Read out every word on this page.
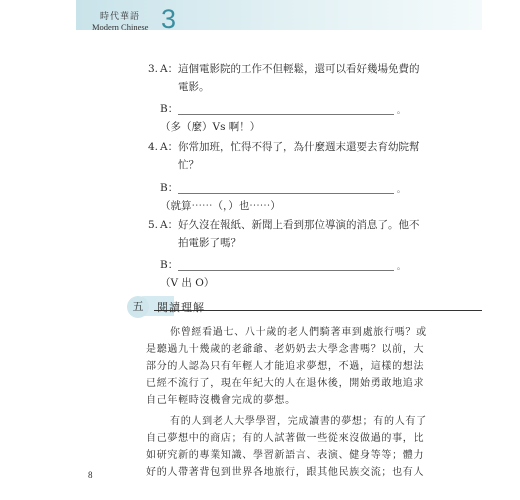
時代華語
Modern Chinese 3
3. A： 這個電影院的工作不但輕鬆，還可以看好幾場免費的
電影。
B：	。
（多（麼）Vs 啊！）
4. A： 你常加班，忙得不得了，為什麼週末還要去育幼院幫
忙？
B：	。
（就算⋯⋯（，）也⋯⋯）
5. A： 好久沒在報紙、新聞上看到那位導演的消息了。他不
拍電影了嗎？
B：	。
（V 出 O）
五	閱讀理解
你曾經看過七、八十歲的老人們騎著車到處旅行嗎？或
是聽過九十幾歲的老爺爺、老奶奶去大學念書嗎？以前，大
部分的人認為只有年輕人才能追求夢想，不過，這樣的想法
已經不流行了，現在年紀大的人在退休後，開始勇敢地追求
自己年輕時沒機會完成的夢想。
有的人到老人大學學習，完成讀書的夢想；有的人有了
自己夢想中的商店；有的人試著做一些從來沒做過的事，比
如研究新的專業知識、學習新語言、表演、健身等等；體力
好的人帶著背包到世界各地旅行，跟其他民族交流；也有人
8
